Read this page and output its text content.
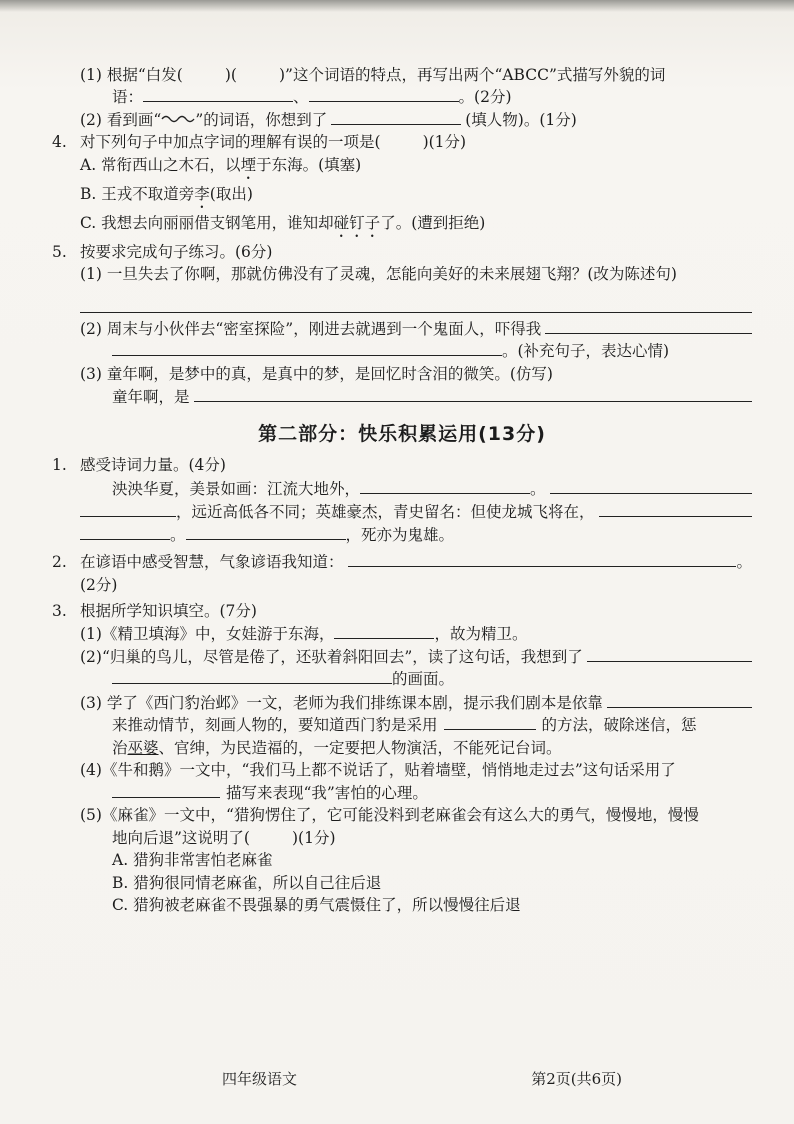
(1) 根据“白发(	)(	)”这个词语的特点，再写出两个“ABCC”式描写外貌的词
语：	、	。(2分)
(2) 看到画“ ”的词语，你想到了	(填人物)。(1分)
4. 对下列句子中加点字词的理解有误的一项是(	)(1分)
A. 常衔西山之木石，以 堙 于东海。(填塞)
B. 王戎不取道旁 李 (取出)
C. 我想去向丽丽借支钢笔用，谁知却 碰钉子 了。(遭到拒绝)
5. 按要求完成句子练习。(6分)
(1) 一旦失去了你啊，那就仿佛没有了灵魂，怎能向美好的未来展翅飞翔？(改为陈述句)
(2) 周末与小伙伴去“密室探险”，刚进去就遇到一个鬼面人，吓得我
。(补充句子，表达心情)
(3) 童年啊，是梦中的真，是真中的梦，是回忆时含泪的微笑。(仿写)
童年啊，是
第二部分：快乐积累运用(13分)
1. 感受诗词力量。(4分)
泱泱华夏，美景如画：江流大地外，	。
，远近高低各不同；英雄豪杰，青史留名：但使龙城飞将在，
。	，死亦为鬼雄。
2. 在谚语中感受智慧，气象谚语我知道：	。
(2分)
3. 根据所学知识填空。(7分)
(1)《精卫填海》中，女娃游于东海，	，故为精卫。
(2)“归巢的鸟儿，尽管是倦了，还驮着斜阳回去”，读了这句话，我想到了
的画面。
(3) 学了《西门豹治邺》一文，老师为我们排练课本剧，提示我们剧本是依靠
来推动情节，刻画人物的，要知道西门豹是采用	的方法，破除迷信，惩
治 巫婆 、官绅，为民造福的，一定要把人物演活，不能死记台词。
(4)《牛和鹅》一文中，“我们马上都不说话了，贴着墙壁，悄悄地走过去”这句话采用了
描写来表现“我”害怕的心理。
(5)《麻雀》一文中，“猎狗愣住了，它可能没料到老麻雀会有这么大的勇气，慢慢地，慢慢
地向后退”这说明了(	)(1分)
A. 猎狗非常害怕老麻雀
B. 猎狗很同情老麻雀，所以自己往后退
C. 猎狗被老麻雀不畏强暴的勇气震慑住了，所以慢慢往后退
四年级语文	第2页(共6页)
